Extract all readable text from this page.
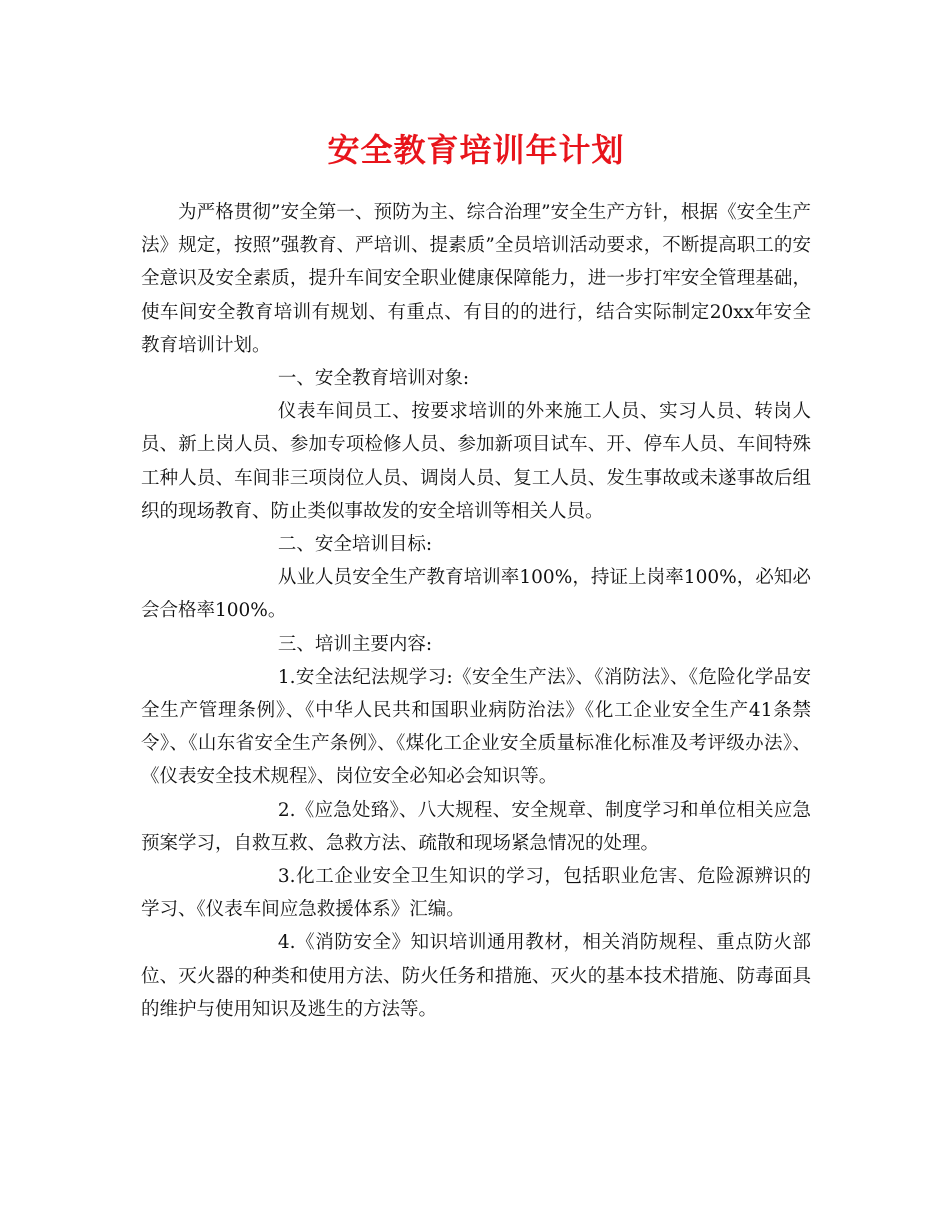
安全教育培训年计划

为严格贯彻”安全第一、预防为主、综合治理”安全生产方针，根据《安全生产法》规定，按照”强教育、严培训、提素质”全员培训活动要求，不断提高职工的安全意识及安全素质，提升车间安全职业健康保障能力，进一步打牢安全管理基础，使车间安全教育培训有规划、有重点、有目的的进行，结合实际制定20xx年安全教育培训计划。

一、安全教育培训对象:

仪表车间员工、按要求培训的外来施工人员、实习人员、转岗人员、新上岗人员、参加专项检修人员、参加新项目试车、开、停车人员、车间特殊工种人员、车间非三项岗位人员、调岗人员、复工人员、发生事故或未遂事故后组织的现场教育、防止类似事故发的安全培训等相关人员。

二、安全培训目标:

从业人员安全生产教育培训率100%，持证上岗率100%，必知必会合格率100%。

三、培训主要内容:

1.安全法纪法规学习:《安全生产法》、《消防法》、《危险化学品安全生产管理条例》、《中华人民共和国职业病防治法》《化工企业安全生产41条禁令》、《山东省安全生产条例》、《煤化工企业安全质量标准化标准及考评级办法》、《仪表安全技术规程》、岗位安全必知必会知识等。

2.《应急处臵》、八大规程、安全规章、制度学习和单位相关应急预案学习，自救互救、急救方法、疏散和现场紧急情况的处理。

3.化工企业安全卫生知识的学习，包括职业危害、危险源辨识的学习、《仪表车间应急救援体系》汇编。

4.《消防安全》知识培训通用教材，相关消防规程、重点防火部位、灭火器的种类和使用方法、防火任务和措施、灭火的基本技术措施、防毒面具的维护与使用知识及逃生的方法等。
